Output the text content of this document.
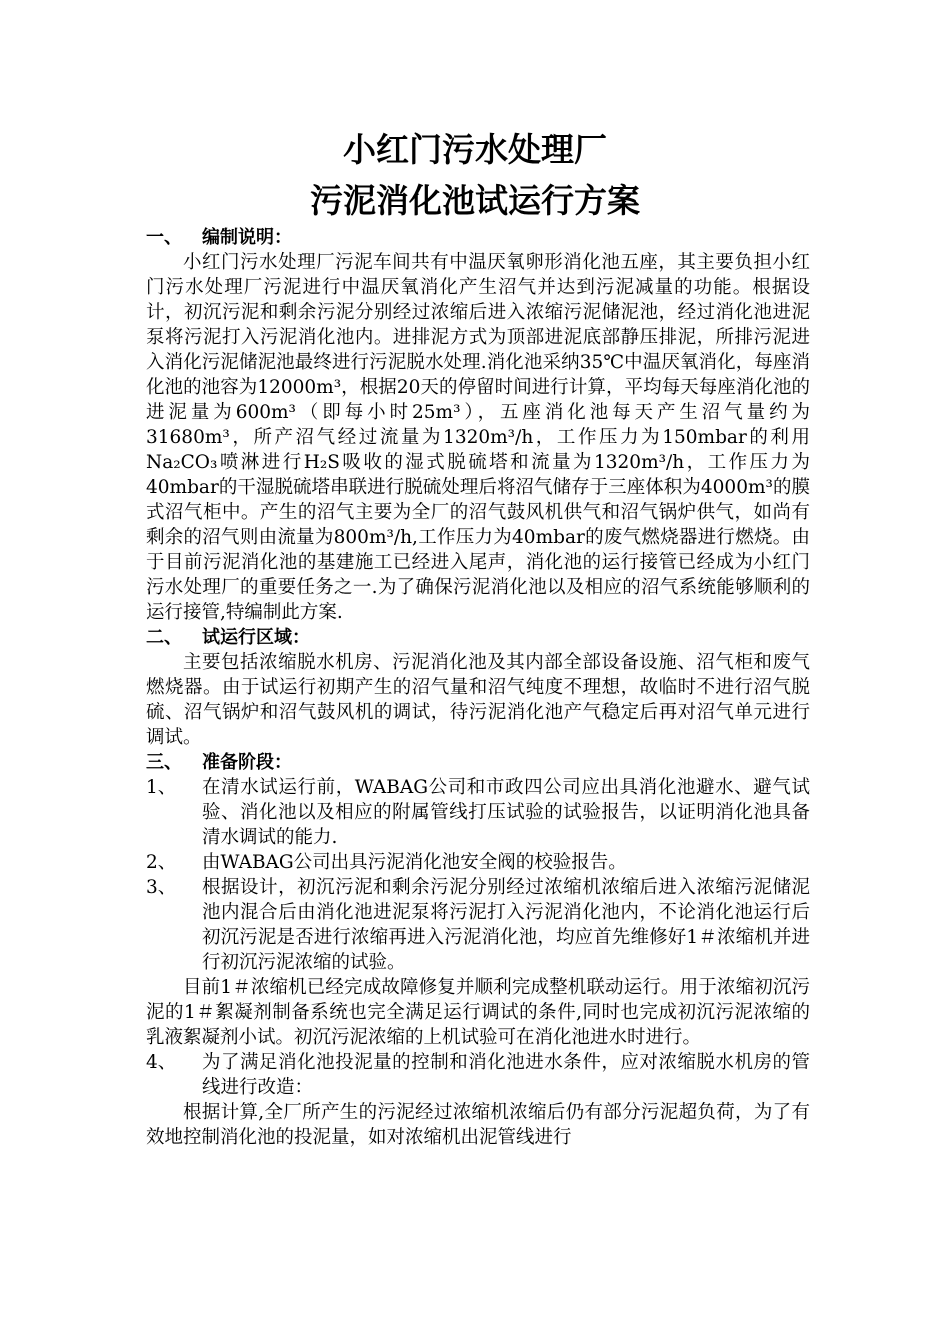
小红门污水处理厂
污泥消化池试运行方案

一、 编制说明：

小红门污水处理厂污泥车间共有中温厌氧卵形消化池五座，其主要负担小红门污水处理厂污泥进行中温厌氧消化产生沼气并达到污泥减量的功能。根据设计，初沉污泥和剩余污泥分别经过浓缩后进入浓缩污泥储泥池，经过消化池进泥泵将污泥打入污泥消化池内。进排泥方式为顶部进泥底部静压排泥，所排污泥进入消化污泥储泥池最终进行污泥脱水处理.消化池采纳35℃中温厌氧消化，每座消化池的池容为12000m³，根据20天的停留时间进行计算，平均每天每座消化池的进泥量为600m³（即每小时25m³），五座消化池每天产生沼气量约为31680m³，所产沼气经过流量为1320m³/h，工作压力为150mbar的利用Na₂CO₃喷淋进行H₂S吸收的湿式脱硫塔和流量为1320m³/h，工作压力为40mbar的干湿脱硫塔串联进行脱硫处理后将沼气储存于三座体积为4000m³的膜式沼气柜中。产生的沼气主要为全厂的沼气鼓风机供气和沼气锅炉供气，如尚有剩余的沼气则由流量为800m³/h,工作压力为40mbar的废气燃烧器进行燃烧。由于目前污泥消化池的基建施工已经进入尾声，消化池的运行接管已经成为小红门污水处理厂的重要任务之一.为了确保污泥消化池以及相应的沼气系统能够顺利的运行接管,特编制此方案.

二、 试运行区域：

主要包括浓缩脱水机房、污泥消化池及其内部全部设备设施、沼气柜和废气燃烧器。由于试运行初期产生的沼气量和沼气纯度不理想，故临时不进行沼气脱硫、沼气锅炉和沼气鼓风机的调试，待污泥消化池产气稳定后再对沼气单元进行调试。

三、 准备阶段：

1、	在清水试运行前，WABAG公司和市政四公司应出具消化池避水、避气试验、消化池以及相应的附属管线打压试验的试验报告，以证明消化池具备清水调试的能力.
2、	由WABAG公司出具污泥消化池安全阀的校验报告。
3、	根据设计，初沉污泥和剩余污泥分别经过浓缩机浓缩后进入浓缩污泥储泥池内混合后由消化池进泥泵将污泥打入污泥消化池内，不论消化池运行后初沉污泥是否进行浓缩再进入污泥消化池，均应首先维修好1＃浓缩机并进行初沉污泥浓缩的试验。

目前1＃浓缩机已经完成故障修复并顺利完成整机联动运行。用于浓缩初沉污泥的1＃絮凝剂制备系统也完全满足运行调试的条件,同时也完成初沉污泥浓缩的乳液絮凝剂小试。初沉污泥浓缩的上机试验可在消化池进水时进行。

4、	为了满足消化池投泥量的控制和消化池进水条件，应对浓缩脱水机房的管线进行改造：

根据计算,全厂所产生的污泥经过浓缩机浓缩后仍有部分污泥超负荷，为了有效地控制消化池的投泥量，如对浓缩机出泥管线进行
